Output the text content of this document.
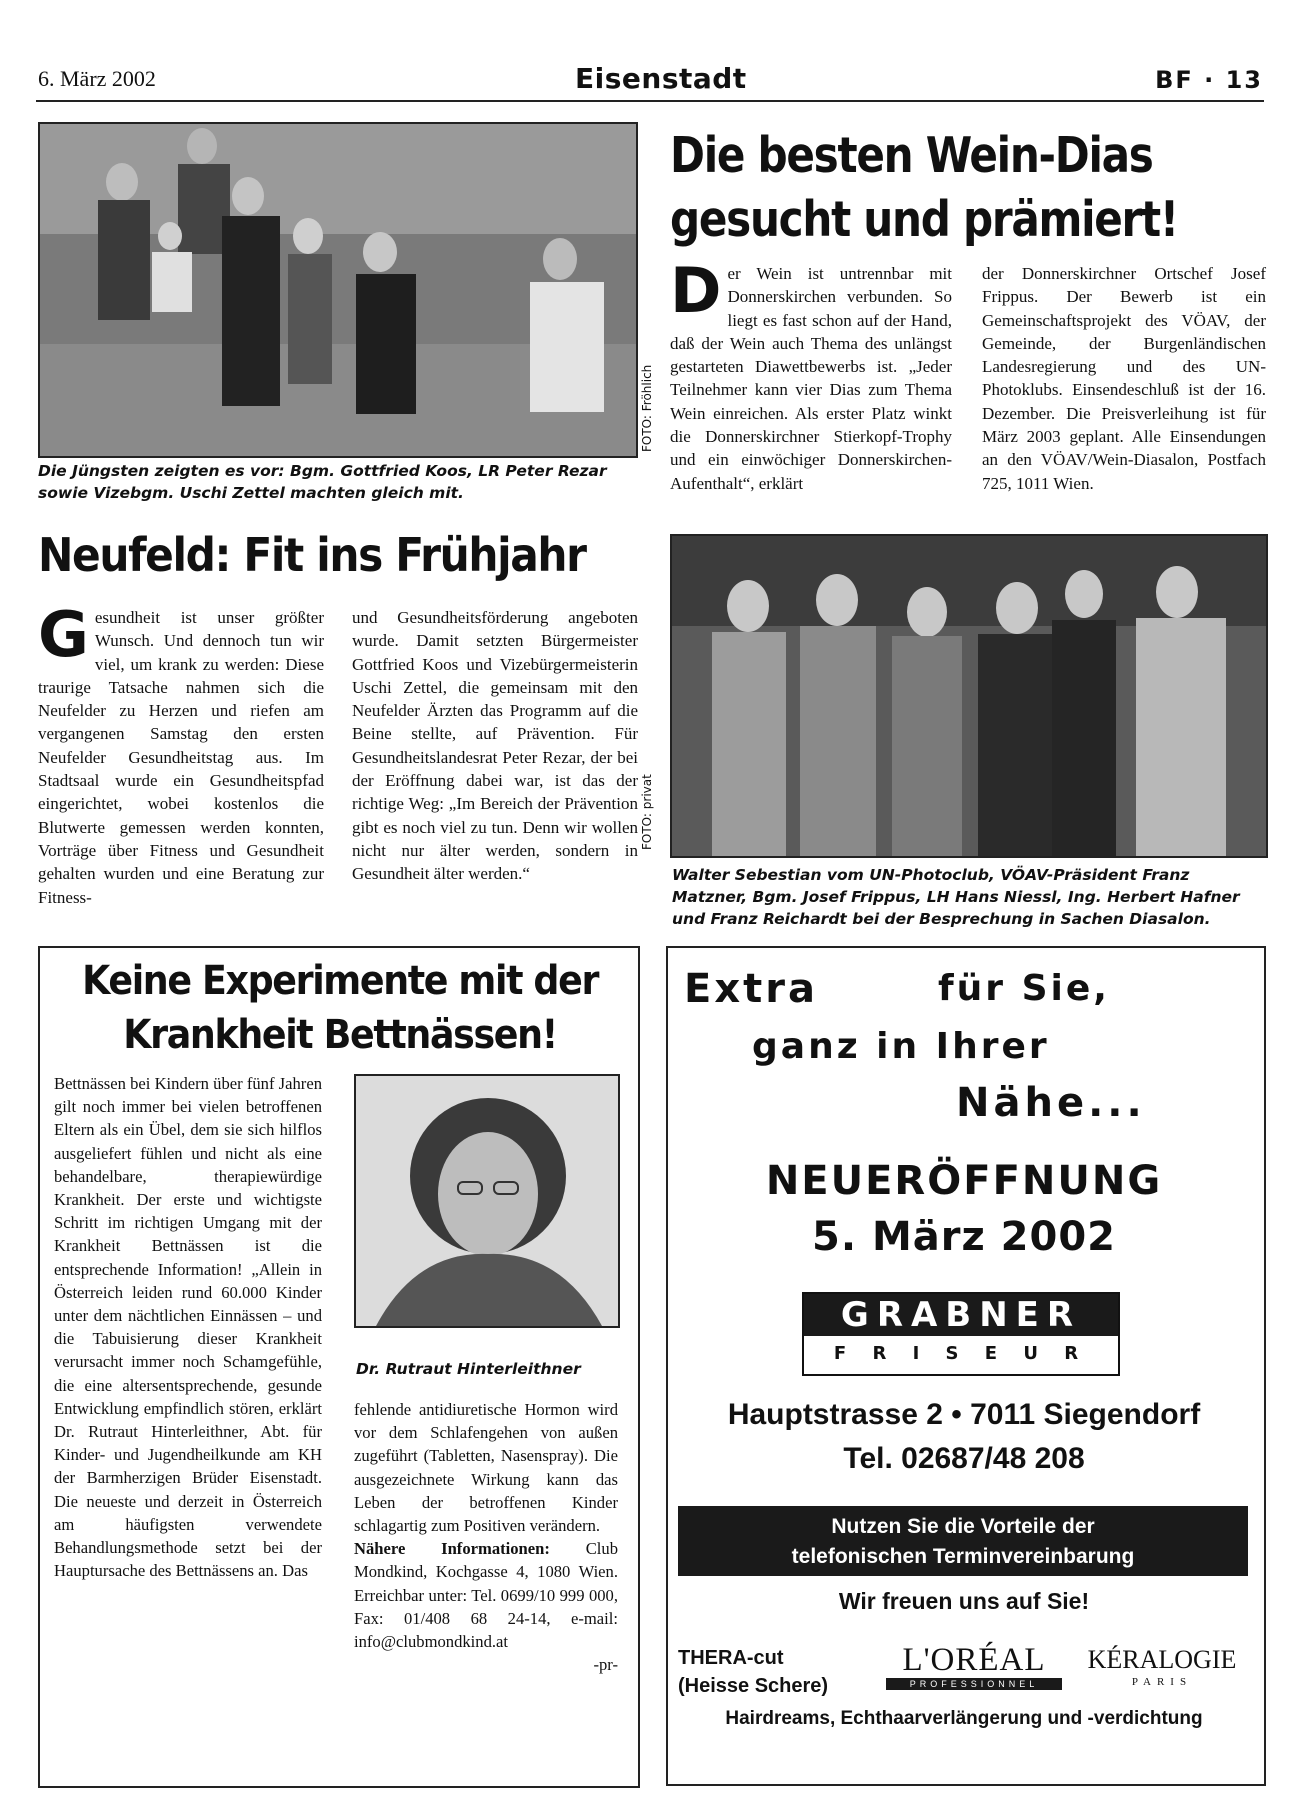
6. März 2002	Eisenstadt	BF · 13
FOTO: Fröhlich
Die Jüngsten zeigten es vor: Bgm. Gottfried Koos, LR Peter Rezar sowie Vizebgm. Uschi Zettel machten gleich mit.
Neufeld: Fit ins Frühjahr
Gesundheit ist unser größter Wunsch. Und dennoch tun wir viel, um krank zu werden: Diese traurige Tatsache nahmen sich die Neufelder zu Herzen und riefen am vergangenen Samstag den ersten Neufelder Gesundheitstag aus. Im Stadtsaal wurde ein Gesundheitspfad eingerichtet, wobei kostenlos die Blutwerte gemessen werden konnten, Vorträge über Fitness und Gesundheit gehalten wurden und eine Beratung zur Fitness-
und Gesundheitsförderung angeboten wurde. Damit setzten Bürgermeister Gottfried Koos und Vizebürgermeisterin Uschi Zettel, die gemeinsam mit den Neufelder Ärzten das Programm auf die Beine stellte, auf Prävention. Für Gesundheitslandesrat Peter Rezar, der bei der Eröffnung dabei war, ist das der richtige Weg: „Im Bereich der Prävention gibt es noch viel zu tun. Denn wir wollen nicht nur älter werden, sondern in Gesundheit älter werden.“
Die besten Wein-Dias
gesucht und prämiert!
Der Wein ist untrennbar mit Donnerskirchen verbunden. So liegt es fast schon auf der Hand, daß der Wein auch Thema des unlängst gestarteten Diawettbewerbs ist. „Jeder Teilnehmer kann vier Dias zum Thema Wein einreichen. Als erster Platz winkt die Donnerskirchner Stierkopf-Trophy und ein einwöchiger Donnerskirchen-Aufenthalt“, erklärt
der Donnerskirchner Ortschef Josef Frippus. Der Bewerb ist ein Gemeinschaftsprojekt des VÖAV, der Gemeinde, der Burgenländischen Landesregierung und des UN-Photoklubs. Einsendeschluß ist der 16. Dezember. Die Preisverleihung ist für März 2003 geplant. Alle Einsendungen an den VÖAV/Wein-Diasalon, Postfach 725, 1011 Wien.
FOTO: privat
Walter Sebestian vom UN-Photoclub, VÖAV-Präsident Franz Matzner, Bgm. Josef Frippus, LH Hans Niessl, Ing. Herbert Hafner und Franz Reichardt bei der Besprechung in Sachen Diasalon.
Keine Experimente mit der
Krankheit Bettnässen!
Bettnässen bei Kindern über fünf Jahren gilt noch immer bei vielen betroffenen Eltern als ein Übel, dem sie sich hilflos ausgeliefert fühlen und nicht als eine behandelbare, therapiewürdige Krankheit. Der erste und wichtigste Schritt im richtigen Umgang mit der Krankheit Bettnässen ist die entsprechende Information! „Allein in Österreich leiden rund 60.000 Kinder unter dem nächtlichen Einnässen – und die Tabuisierung dieser Krankheit verursacht immer noch Schamgefühle, die eine altersentsprechende, gesunde Entwicklung empfindlich stören, erklärt Dr. Rutraut Hinterleithner, Abt. für Kinder- und Jugendheilkunde am KH der Barmherzigen Brüder Eisenstadt. Die neueste und derzeit in Österreich am häufigsten verwendete Behandlungsmethode setzt bei der Hauptursache des Bettnässens an. Das
Dr. Rutraut Hinterleithner

fehlende antidiuretische Hormon wird vor dem Schlafengehen von außen zugeführt (Tabletten, Nasenspray). Die ausgezeichnete Wirkung kann das Leben der betroffenen Kinder schlagartig zum Positiven verändern.

Nähere Informationen: Club Mondkind, Kochgasse 4, 1080 Wien. Erreichbar unter: Tel. 0699/10 999 000, Fax: 01/408 68 24-14, e-mail: info@clubmondkind.at

-pr-

Extra	für Sie,
ganz in Ihrer
Nähe...
NEUERÖFFNUNG
5. März 2002
GRABNER
F R I S E U R
Hauptstrasse 2 • 7011 Siegendorf
Tel. 02687/48 208
Nutzen Sie die Vorteile der
telefonischen Terminvereinbarung
Wir freuen uns auf Sie!
THERA-cut
(Heisse Schere)
L'ORÉAL
PROFESSIONNEL
KÉRALOGIE
PARIS
Hairdreams, Echthaarverlängerung und -verdichtung
